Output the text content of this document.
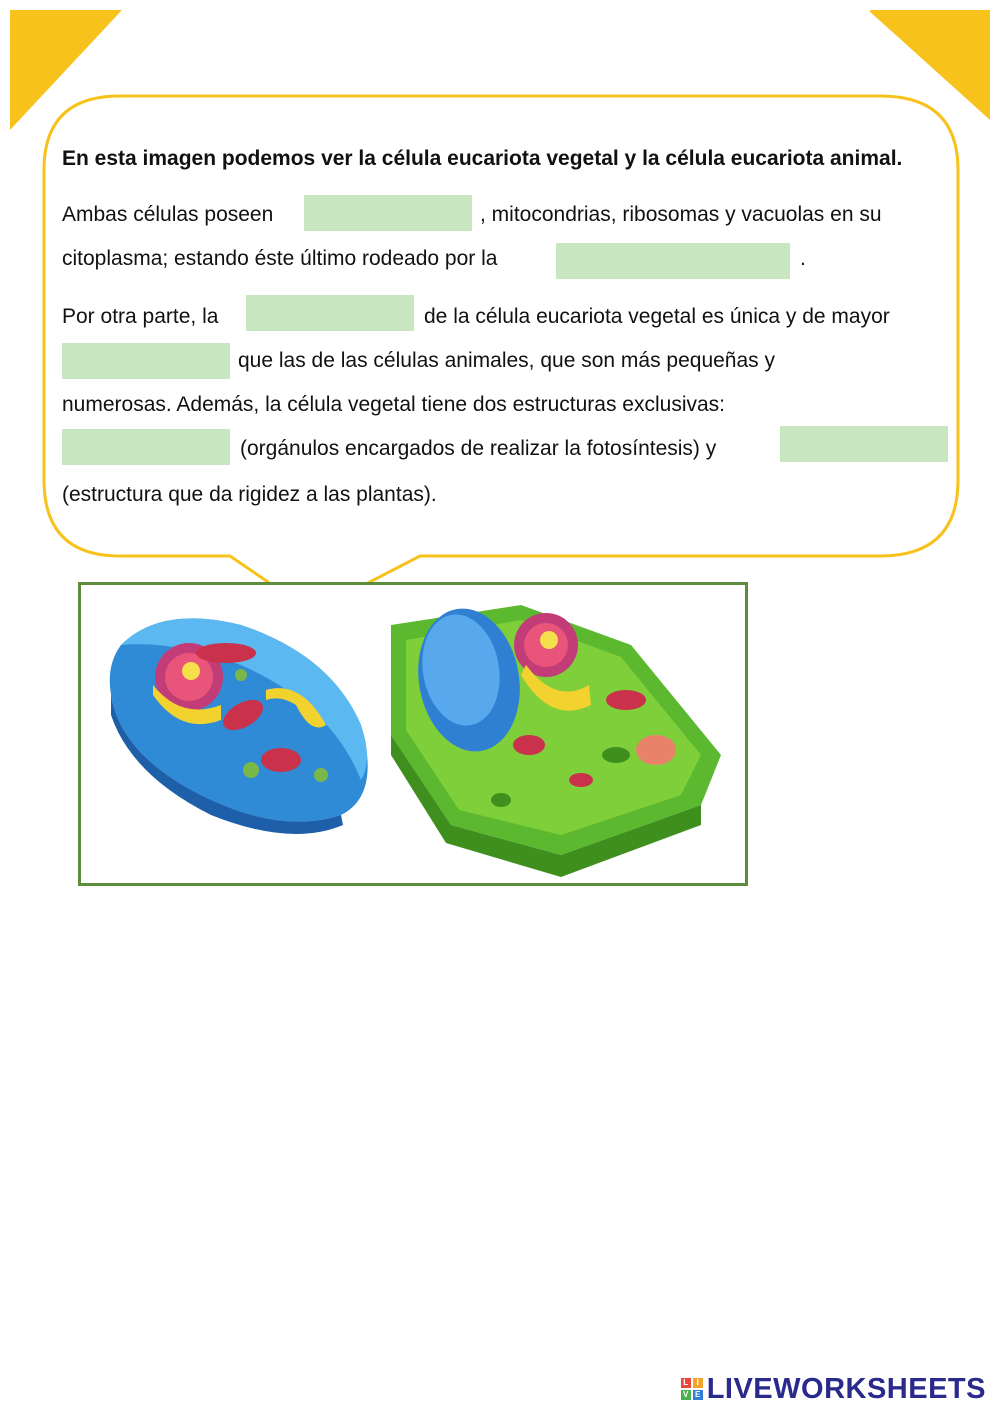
En esta imagen podemos ver la célula eucariota vegetal y la célula eucariota animal.
Ambas células poseen	, mitocondrias, ribosomas y vacuolas en su
citoplasma; estando éste último rodeado por la	.
Por otra parte, la	de la célula eucariota vegetal es única y de mayor
que las de las células animales, que son más pequeñas y
numerosas. Además, la célula vegetal tiene dos estructuras exclusivas:
(orgánulos encargados de realizar la fotosíntesis) y
(estructura que da rigidez a las plantas).
L	I
V E LIVEWORKSHEETS
